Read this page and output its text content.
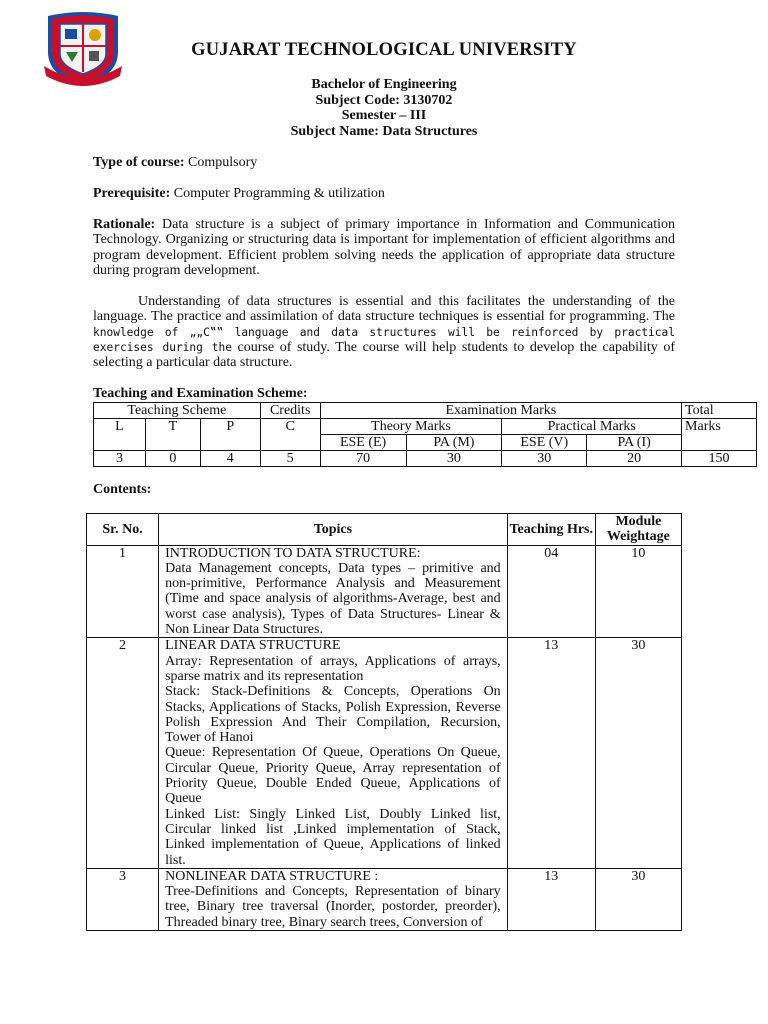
GUJARAT TECHNOLOGICAL UNIVERSITY
Bachelor of Engineering
Subject Code: 3130702
Semester – III
Subject Name: Data Structures
Type of course: Compulsory
Prerequisite: Computer Programming & utilization
Rationale: Data structure is a subject of primary importance in Information and Communication Technology. Organizing or structuring data is important for implementation of efficient algorithms and program development. Efficient problem solving needs the application of appropriate data structure during program development.
Understanding of data structures is essential and this facilitates the understanding of the language. The practice and assimilation of data structure techniques is essential for programming. The knowledge of „„C‟‟ language and data structures will be reinforced by practical exercises during the course of study. The course will help students to develop the capability of selecting a particular data structure.
Teaching and Examination Scheme:
Teaching Scheme			Credits	Examination Marks				Total
L	T	P	C	Theory Marks		Practical Marks		Marks
				ESE (E)	PA (M)	ESE (V)	PA (I)	
3	0	4	5	70	30	30	20	150
Contents:
Sr. No.	Topics	Teaching Hrs.	Module Weightage
1	INTRODUCTION TO DATA STRUCTURE:
Data Management concepts, Data types – primitive and non-primitive, Performance Analysis and Measurement (Time and space analysis of algorithms-Average, best and worst case analysis), Types of Data Structures- Linear & Non Linear Data Structures.	04	10
2	LINEAR DATA STRUCTURE
Array: Representation of arrays, Applications of arrays, sparse matrix and its representation
Stack: Stack-Definitions & Concepts, Operations On Stacks, Applications of Stacks, Polish Expression, Reverse Polish Expression And Their Compilation, Recursion, Tower of Hanoi
Queue: Representation Of Queue, Operations On Queue, Circular Queue, Priority Queue, Array representation of Priority Queue, Double Ended Queue, Applications of Queue
Linked List: Singly Linked List, Doubly Linked list, Circular linked list ,Linked implementation of Stack, Linked implementation of Queue, Applications of linked list.	13	30
3	NONLINEAR DATA STRUCTURE :
Tree-Definitions and Concepts, Representation of binary tree, Binary tree traversal (Inorder, postorder, preorder), Threaded binary tree, Binary search trees, Conversion of	13	30
